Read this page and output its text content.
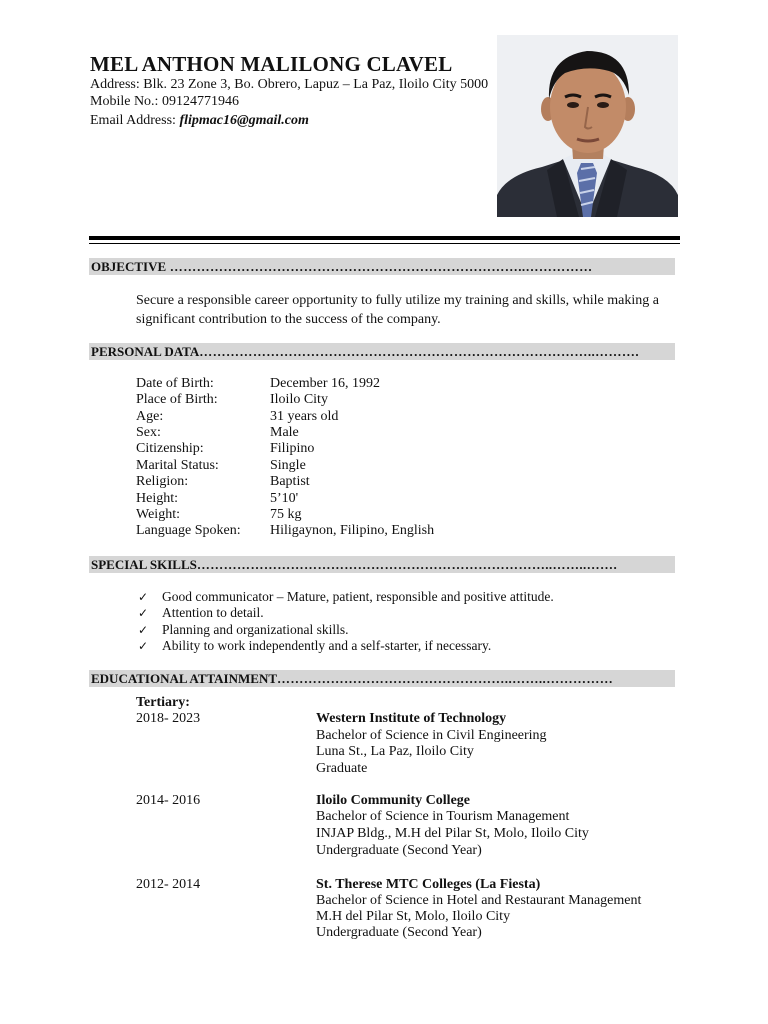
MEL ANTHON MALILONG CLAVEL
Address: Blk. 23 Zone 3, Bo. Obrero, Lapuz – La Paz, Iloilo City 5000
Mobile No.: 09124771946
Email Address: flipmac16@gmail.com
OBJECTIVE ……………………………………………………………………..……………
Secure a responsible career opportunity to fully utilize my training and skills, while making a significant contribution to the success of the company.
PERSONAL DATA……………………………………………………………………………..……….
Date of Birth:	December 16, 1992
Place of Birth:	Iloilo City
Age:	31 years old
Sex:	Male
Citizenship:	Filipino
Marital Status:	Single
Religion:	Baptist
Height:	5’10'
Weight:	75 kg
Language Spoken:	Hiligaynon, Filipino, English
SPECIAL SKILLS……………………………………………………………………..……..…….
✓ Good communicator – Mature, patient, responsible and positive attitude.
✓ Attention to detail.
✓ Planning and organizational skills.
✓ Ability to work independently and a self-starter, if necessary.
EDUCATIONAL ATTAINMENT……………………………………………..……..……………
Tertiary:
2018- 2023	Western Institute of Technology
Bachelor of Science in Civil Engineering
Luna St., La Paz, Iloilo City
Graduate
2014- 2016	Iloilo Community College
Bachelor of Science in Tourism Management
INJAP Bldg., M.H del Pilar St, Molo, Iloilo City
Undergraduate (Second Year)
2012- 2014	St. Therese MTC Colleges (La Fiesta)
Bachelor of Science in Hotel and Restaurant Management
M.H del Pilar St, Molo, Iloilo City
Undergraduate (Second Year)
